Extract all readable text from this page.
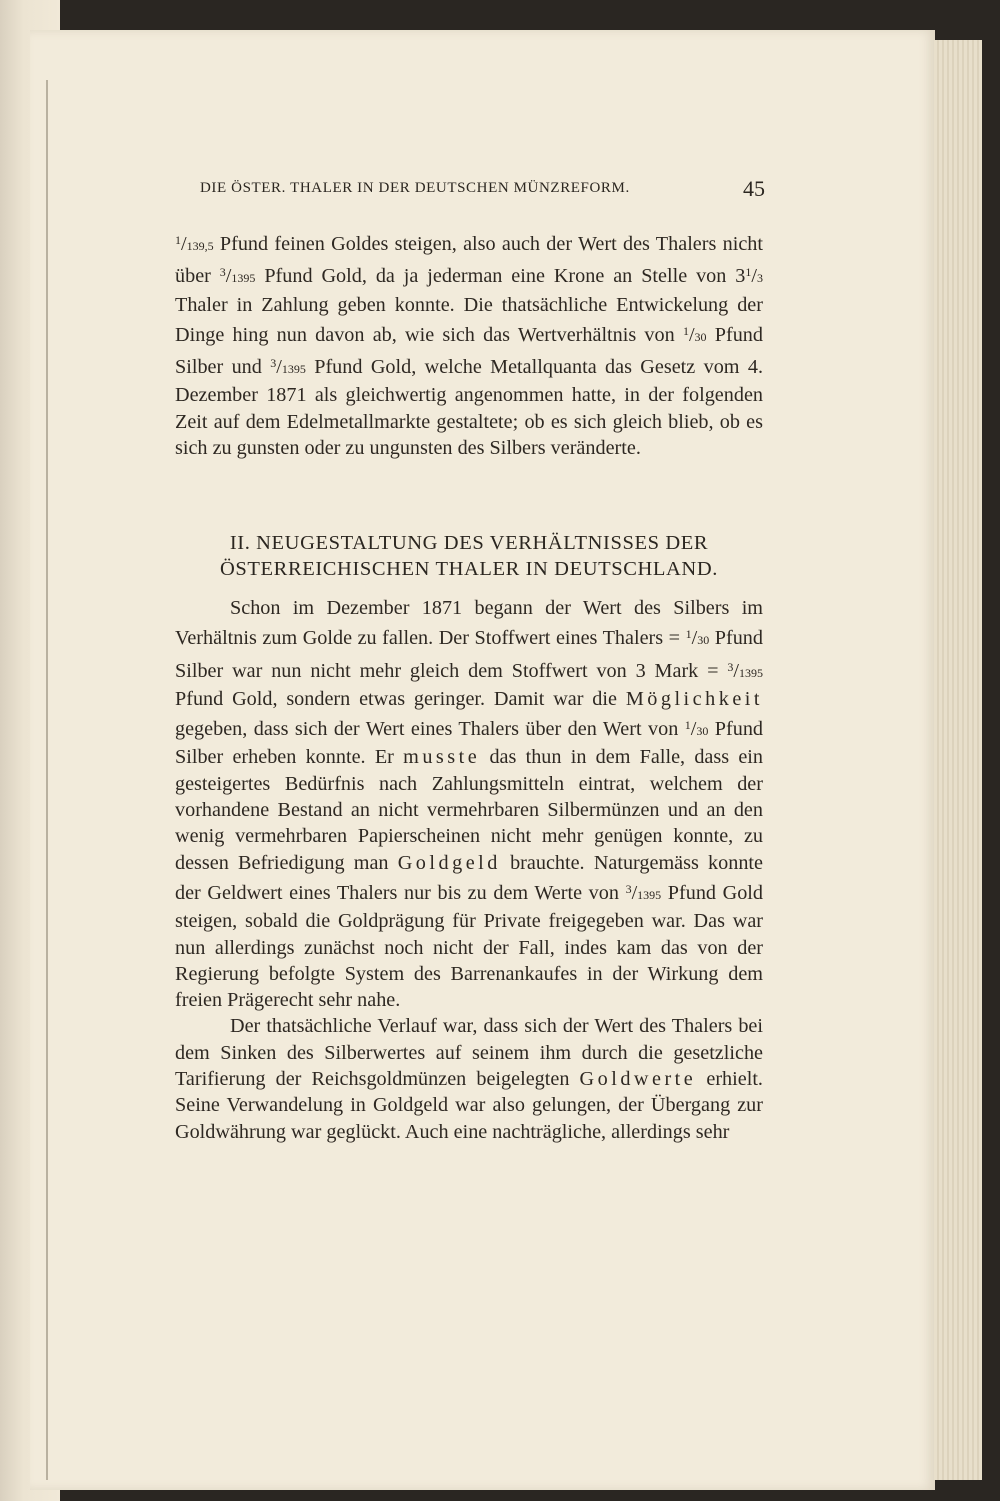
DIE ÖSTER. THALER IN DER DEUTSCHEN MÜNZREFORM.	45

$^1$/139,5 Pfund feinen Goldes steigen, also auch der Wert des Thalers nicht über $^3$/1395 Pfund Gold, da ja jederman eine Krone an Stelle von $3^1/3$ Thaler in Zahlung geben konnte. Die thatsächliche Entwickelung der Dinge hing nun davon ab, wie sich das Wertverhältnis von $^1$/30 Pfund Silber und $^3$/1395 Pfund Gold, welche Metallquanta das Gesetz vom 4. Dezember 1871 als gleichwertig angenommen hatte, in der folgenden Zeit auf dem Edelmetallmarkte gestaltete; ob es sich gleich blieb, ob es sich zu gunsten oder zu ungunsten des Silbers veränderte.

II. NEUGESTALTUNG DES VERHÄLTNISSES DER
ÖSTERREICHISCHEN THALER IN DEUTSCHLAND.

Schon im Dezember 1871 begann der Wert des Silbers im Verhältnis zum Golde zu fallen. Der Stoffwert eines Thalers = $^1$/30 Pfund Silber war nun nicht mehr gleich dem Stoffwert von 3 Mark = $^3$/1395 Pfund Gold, sondern etwas geringer. Damit war die Möglichkeit gegeben, dass sich der Wert eines Thalers über den Wert von $^1$/30 Pfund Silber erheben konnte. Er musste das thun in dem Falle, dass ein gesteigertes Bedürfnis nach Zahlungsmitteln eintrat, welchem der vorhandene Bestand an nicht vermehrbaren Silbermünzen und an den wenig vermehrbaren Papierscheinen nicht mehr genügen konnte, zu dessen Befriedigung man Goldgeld brauchte. Naturgemäss konnte der Geldwert eines Thalers nur bis zu dem Werte von $^3$/1395 Pfund Gold steigen, sobald die Goldprägung für Private freigegeben war. Das war nun allerdings zunächst noch nicht der Fall, indes kam das von der Regierung befolgte System des Barrenankaufes in der Wirkung dem freien Prägerecht sehr nahe.

Der thatsächliche Verlauf war, dass sich der Wert des Thalers bei dem Sinken des Silberwertes auf seinem ihm durch die gesetzliche Tarifierung der Reichsgoldmünzen beigelegten Goldwerte erhielt. Seine Verwandelung in Goldgeld war also gelungen, der Übergang zur Goldwährung war geglückt. Auch eine nachträgliche, allerdings sehr
